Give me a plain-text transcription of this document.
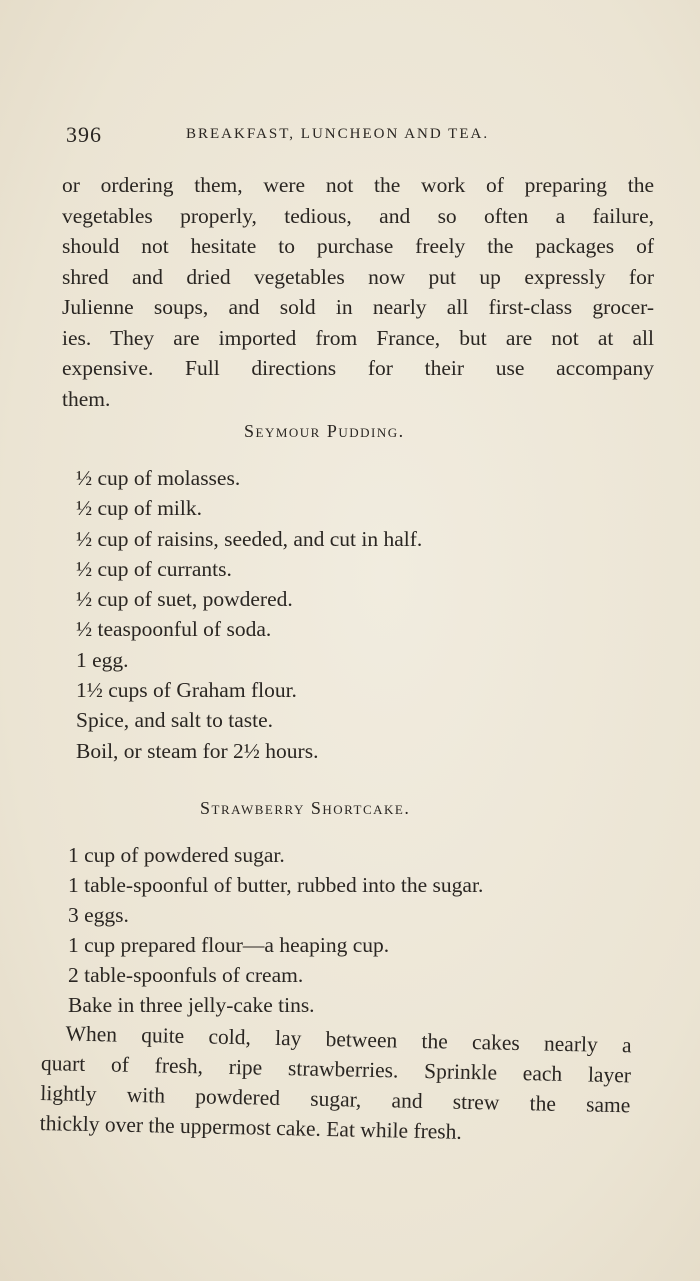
396	BREAKFAST, LUNCHEON AND TEA.
or ordering them, were not the work of preparing the
vegetables properly, tedious, and so often a failure,
should not hesitate to purchase freely the packages of
shred and dried vegetables now put up expressly for
Julienne soups, and sold in nearly all first-class grocer-
ies. They are imported from France, but are not at all
expensive. Full directions for their use accompany
them.
Seymour Pudding.
½ cup of molasses.
½ cup of milk.
½ cup of raisins, seeded, and cut in half.
½ cup of currants.
½ cup of suet, powdered.
½ teaspoonful of soda.
1 egg.
1½ cups of Graham flour.
Spice, and salt to taste.
Boil, or steam for 2½ hours.
Strawberry Shortcake.
1 cup of powdered sugar.
1 table-spoonful of butter, rubbed into the sugar.
3 eggs.
1 cup prepared flour—a heaping cup.
2 table-spoonfuls of cream.
Bake in three jelly-cake tins.
When quite cold, lay between the cakes nearly a
quart of fresh, ripe strawberries. Sprinkle each layer
lightly with powdered sugar, and strew the same
thickly over the uppermost cake. Eat while fresh.
